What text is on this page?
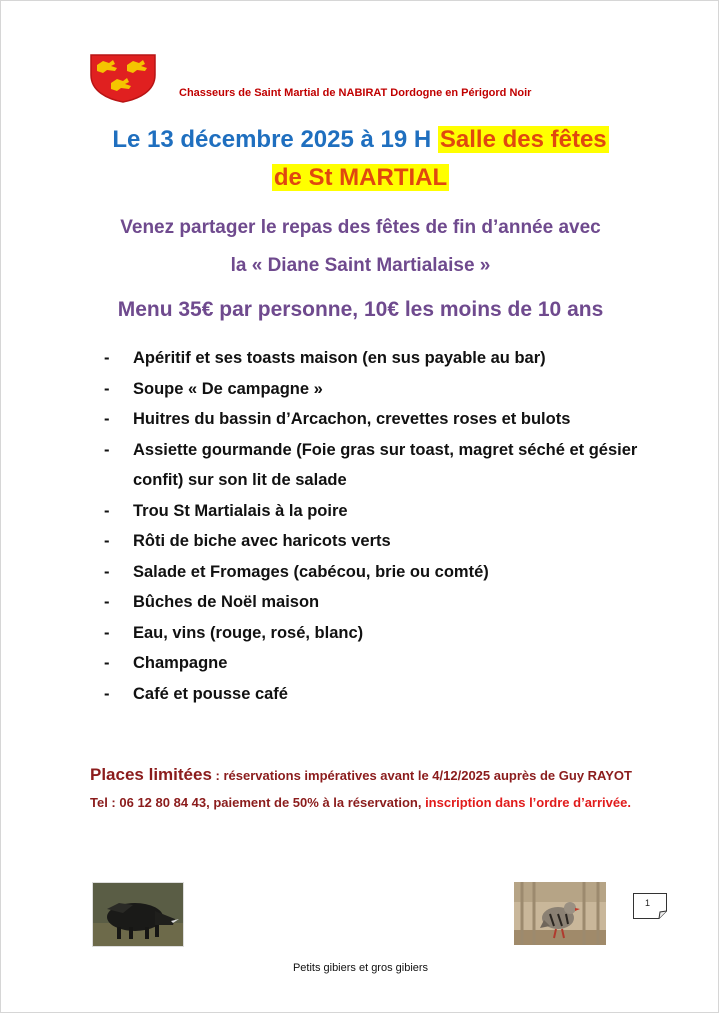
Chasseurs de Saint Martial de NABIRAT Dordogne en Périgord Noir
Le 13 décembre 2025 à 19 H Salle des fêtes
de St MARTIAL
Venez partager le repas des fêtes de fin d’année avec
la « Diane Saint Martialaise »
Menu 35€ par personne, 10€ les moins de 10 ans
- Apéritif et ses toasts maison (en sus payable au bar)
- Soupe « De campagne »
- Huitres du bassin d’Arcachon, crevettes roses et bulots
- Assiette gourmande (Foie gras sur toast, magret séché et gésier confit) sur son lit de salade
- Trou St Martialais à la poire
- Rôti de biche avec haricots verts
- Salade et Fromages (cabécou, brie ou comté)
- Bûches de Noël maison
- Eau, vins (rouge, rosé, blanc)
- Champagne
- Café et pousse café
Places limitées : réservations impératives avant le 4/12/2025 auprès de Guy RAYOT Tel : 06 12 80 84 43, paiement de 50% à la réservation, inscription dans l’ordre d’arrivée.
1
Petits gibiers et gros gibiers
